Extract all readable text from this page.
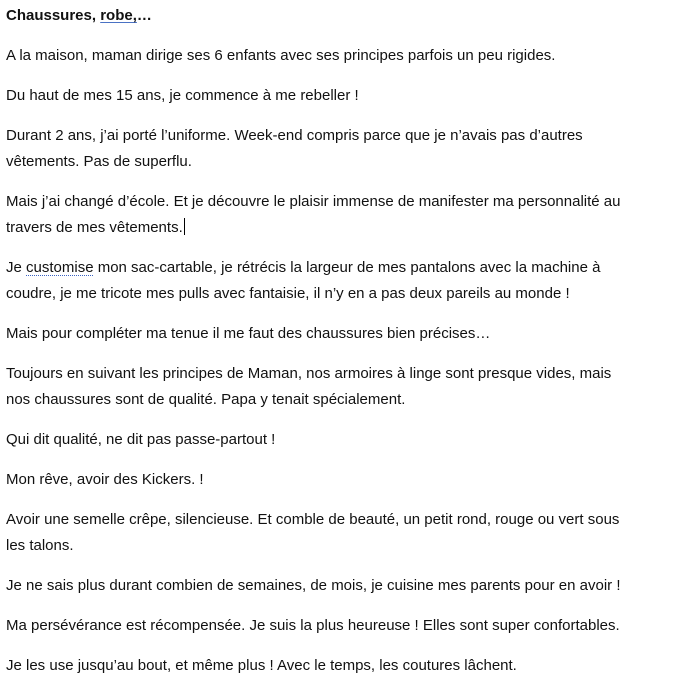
Chaussures, robe,…

A la maison, maman dirige ses 6 enfants avec ses principes parfois un peu rigides.

Du haut de mes 15 ans, je commence à me rebeller !

Durant 2 ans, j’ai porté l’uniforme. Week-end compris parce que je n’avais pas d’autres

vêtements. Pas de superflu.

Mais j’ai changé d’école. Et je découvre le plaisir immense de manifester ma personnalité au

travers de mes vêtements.

Je customise mon sac-cartable, je rétrécis la largeur de mes pantalons avec la machine à

coudre, je me tricote mes pulls avec fantaisie, il n’y en a pas deux pareils au monde !

Mais pour compléter ma tenue il me faut des chaussures bien précises…

Toujours en suivant les principes de Maman, nos armoires à linge sont presque vides, mais

nos chaussures sont de qualité. Papa y tenait spécialement.

Qui dit qualité, ne dit pas passe-partout !

Mon rêve, avoir des Kickers. !

Avoir une semelle crêpe, silencieuse. Et comble de beauté, un petit rond, rouge ou vert sous

les talons.

Je ne sais plus durant combien de semaines, de mois, je cuisine mes parents pour en avoir !

Ma persévérance est récompensée. Je suis la plus heureuse ! Elles sont super confortables.

Je les use jusqu’au bout, et même plus ! Avec le temps, les coutures lâchent.
